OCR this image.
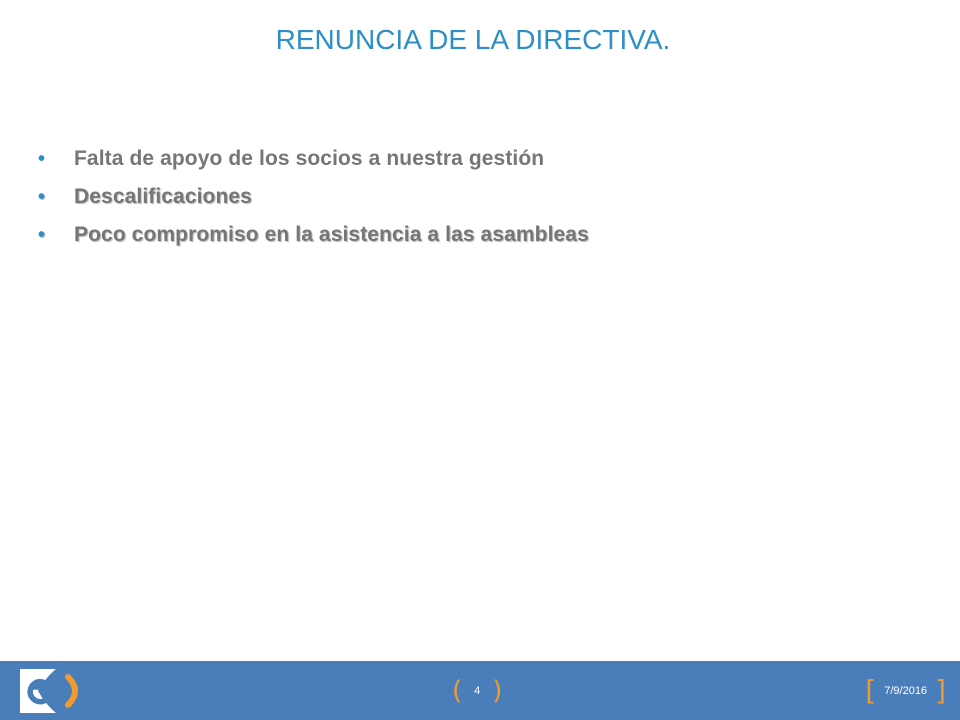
RENUNCIA DE LA DIRECTIVA.
•	Falta de apoyo de los socios a nuestra gestión
•	Descalificaciones
•	Poco compromiso en la asistencia a las asambleas
( 4 )	[ 7/9/2016 ]
